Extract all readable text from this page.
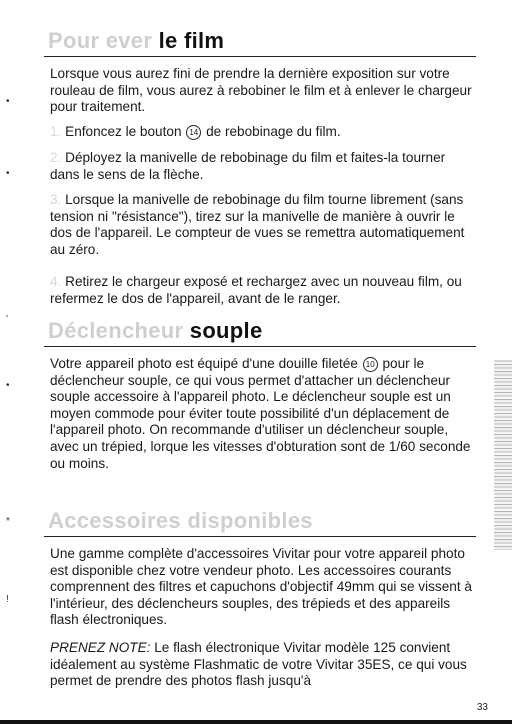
Pour ever le film

Lorsque vous aurez fini de prendre la dernière exposition sur votre rouleau de film, vous aurez à rebobiner le film et à enlever le chargeur pour traitement.

1. Enfoncez le bouton 14 de rebobinage du film.

2. Déployez la manivelle de rebobinage du film et faites-la tourner dans le sens de la flèche.

3. Lorsque la manivelle de rebobinage du film tourne librement (sans tension ni "résistance"), tirez sur la manivelle de manière à ouvrir le dos de l'appareil. Le compteur de vues se remettra automatiquement au zéro.

4. Retirez le chargeur exposé et rechargez avec un nouveau film, ou refermez le dos de l'appareil, avant de le ranger.

Déclencheur souple

Votre appareil photo est équipé d'une douille filetée 10 pour le déclencheur souple, ce qui vous permet d'attacher un déclencheur souple accessoire à l'appareil photo. Le déclencheur souple est un moyen commode pour éviter toute possibilité d'un déplacement de l'appareil photo. On recommande d'utiliser un déclencheur souple, avec un trépied, lorque les vitesses d'obturation sont de 1/60 seconde ou moins.

Accessoires disponibles

Une gamme complète d'accessoires Vivitar pour votre appareil photo est disponible chez votre vendeur photo. Les accessoires courants comprennent des filtres et capuchons d'objectif 49mm qui se vissent à l'intérieur, des déclencheurs souples, des trépieds et des appareils flash électroniques.

PRENEZ NOTE: Le flash électronique Vivitar modèle 125 convient idéalement au système Flashmatic de votre Vivitar 35ES, ce qui vous permet de prendre des photos flash jusqu'à

•
•
'
•
*
!
33
